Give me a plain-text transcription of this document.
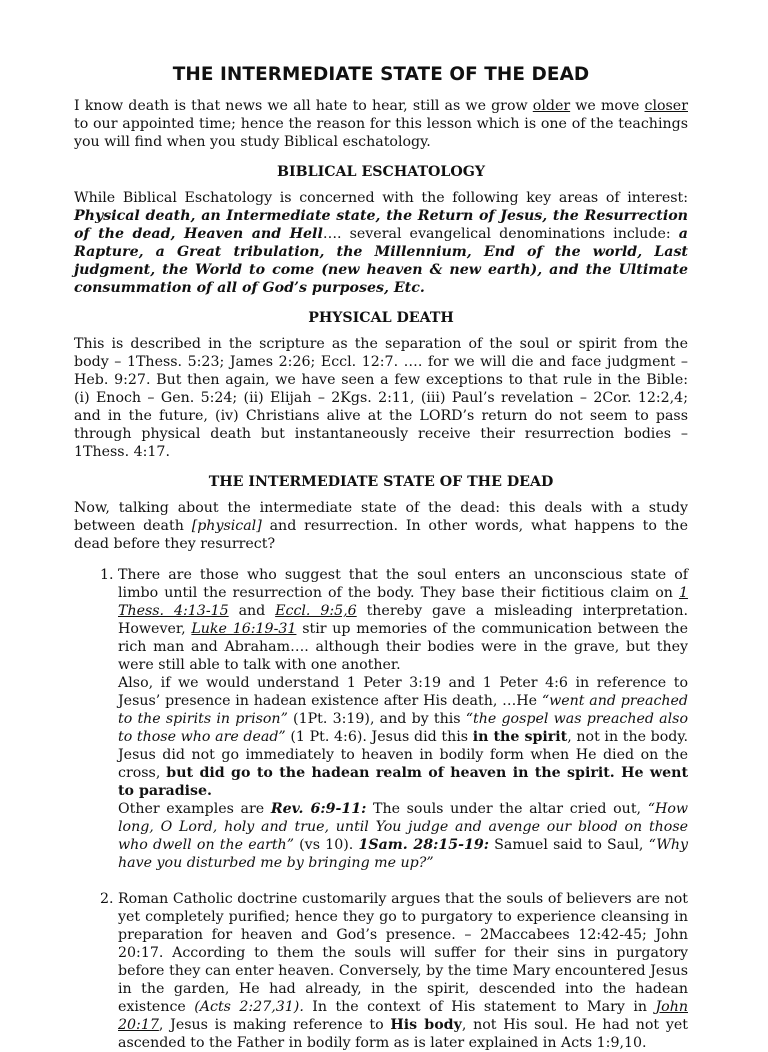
THE INTERMEDIATE STATE OF THE DEAD

I know death is that news we all hate to hear, still as we grow older we move closer to our appointed time; hence the reason for this lesson which is one of the teachings you will find when you study Biblical eschatology.

BIBLICAL ESCHATOLOGY

While Biblical Eschatology is concerned with the following key areas of interest: Physical death, an Intermediate state, the Return of Jesus, the Resurrection of the dead, Heaven and Hell…. several evangelical denominations include: a Rapture, a Great tribulation, the Millennium, End of the world, Last judgment, the World to come (new heaven & new earth), and the Ultimate consummation of all of God’s purposes, Etc.

PHYSICAL DEATH

This is described in the scripture as the separation of the soul or spirit from the body – 1Thess. 5:23; James 2:26; Eccl. 12:7. …. for we will die and face judgment – Heb. 9:27. But then again, we have seen a few exceptions to that rule in the Bible: (i) Enoch – Gen. 5:24; (ii) Elijah – 2Kgs. 2:11, (iii) Paul’s revelation – 2Cor. 12:2,4; and in the future, (iv) Christians alive at the LORD’s return do not seem to pass through physical death but instantaneously receive their resurrection bodies – 1Thess. 4:17.

THE INTERMEDIATE STATE OF THE DEAD

Now, talking about the intermediate state of the dead: this deals with a study between death [physical] and resurrection. In other words, what happens to the dead before they resurrect?

1. There are those who suggest that the soul enters an unconscious state of limbo until the resurrection of the body. They base their fictitious claim on 1 Thess. 4:13-15 and Eccl. 9:5,6 thereby gave a misleading interpretation. However, Luke 16:19-31 stir up memories of the communication between the rich man and Abraham…. although their bodies were in the grave, but they were still able to talk with one another.
Also, if we would understand 1 Peter 3:19 and 1 Peter 4:6 in reference to Jesus’ presence in hadean existence after His death, …He “went and preached to the spirits in prison” (1Pt. 3:19), and by this “the gospel was preached also to those who are dead” (1 Pt. 4:6). Jesus did this in the spirit, not in the body. Jesus did not go immediately to heaven in bodily form when He died on the cross, but did go to the hadean realm of heaven in the spirit. He went to paradise.
Other examples are Rev. 6:9-11: The souls under the altar cried out, “How long, O Lord, holy and true, until You judge and avenge our blood on those who dwell on the earth” (vs 10). 1Sam. 28:15-19: Samuel said to Saul, “Why have you disturbed me by bringing me up?”
2. Roman Catholic doctrine customarily argues that the souls of believers are not yet completely purified; hence they go to purgatory to experience cleansing in preparation for heaven and God’s presence. – 2Maccabees 12:42-45; John 20:17. According to them the souls will suffer for their sins in purgatory before they can enter heaven. Conversely, by the time Mary encountered Jesus in the garden, He had already, in the spirit, descended into the hadean existence (Acts 2:27,31). In the context of His statement to Mary in John 20:17, Jesus is making reference to His body, not His soul. He had not yet ascended to the Father in bodily form as is later explained in Acts 1:9,10.
